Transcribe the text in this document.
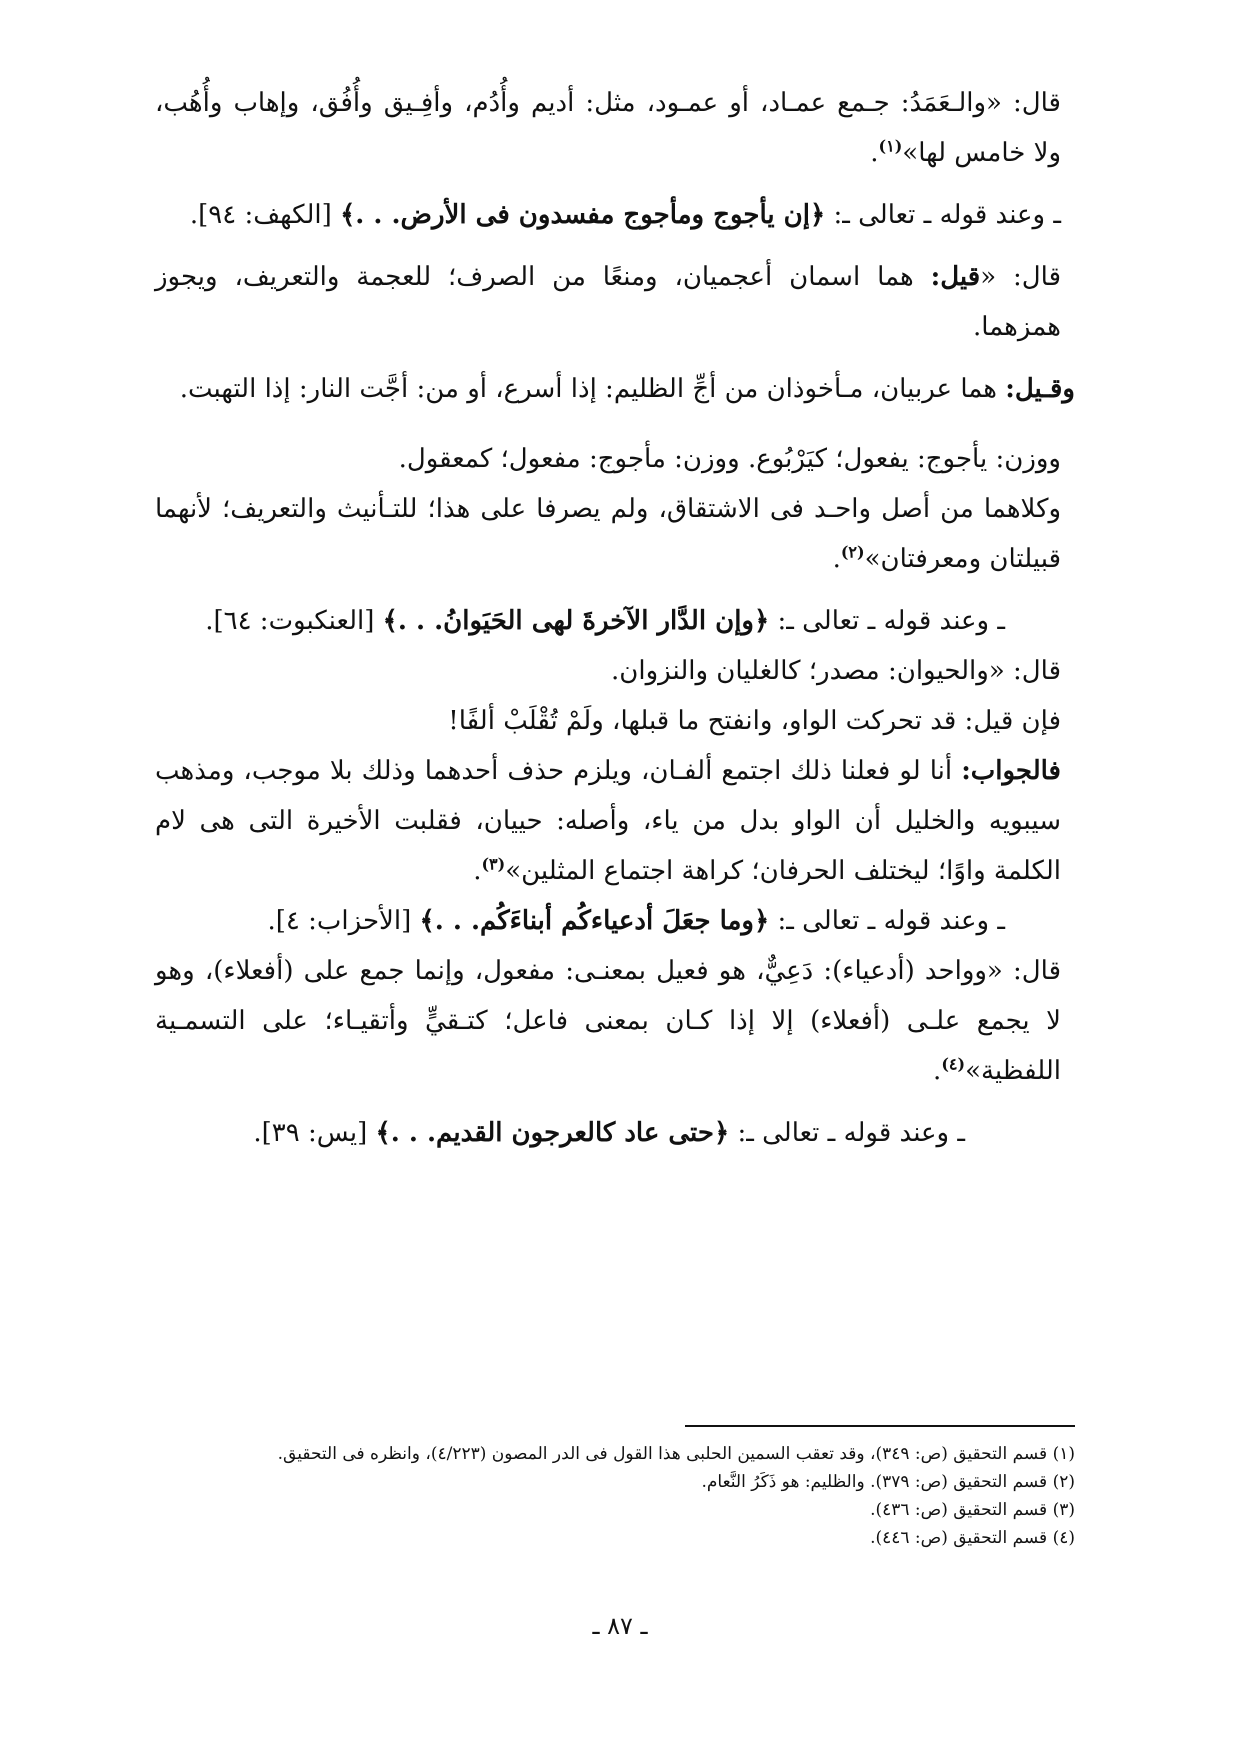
قال: «والـعَمَدُ: جـمع عمـاد، أو عمـود، مثل: أديم وأُدُم، وأفِـيق وأُفُق، وإهاب وأُهُب، ولا خامس لها»$^{(١)}$.

ـ وعند قوله ـ تعالى ـ: ﴿إن يأجوج ومأجوج مفسدون فى الأرض. . .﴾ [الكهف: ٩٤].

قال: «قيل: هما اسمان أعجميان، ومنعًا من الصرف؛ للعجمة والتعريف، ويجوز همزهما.

وقـيل: هما عربيان، مـأخوذان من أجِّ الظليم: إذا أسرع، أو من: أجَّت النار: إذا التهبت.

ووزن: يأجوج: يفعول؛ كيَرْبُوع. ووزن: مأجوج: مفعول؛ كمعقول.

وكلاهما من أصل واحـد فى الاشتقاق، ولم يصرفا على هذا؛ للتـأنيث والتعريف؛ لأنهما قبيلتان ومعرفتان»$^{(٢)}$.

ـ وعند قوله ـ تعالى ـ: ﴿وإن الدَّار الآخرةَ لهى الحَيَوانُ. . .﴾ [العنكبوت: ٦٤].

قال: «والحيوان: مصدر؛ كالغليان والنزوان.

فإن قيل: قد تحركت الواو، وانفتح ما قبلها، ولَمْ تُقْلَبْ ألفًا!

فالجواب: أنا لو فعلنا ذلك اجتمع ألفـان، ويلزم حذف أحدهما وذلك بلا موجب، ومذهب سيبويه والخليل أن الواو بدل من ياء، وأصله: حييان، فقلبت الأخيرة التى هى لام الكلمة واوًا؛ ليختلف الحرفان؛ كراهة اجتماع المثلين»$^{(٣)}$.

ـ وعند قوله ـ تعالى ـ: ﴿وما جعَلَ أدعياءكُم أبناءَكُم. . .﴾ [الأحزاب: ٤].

قال: «وواحد (أدعياء): دَعِيٌّ، هو فعيل بمعنـى: مفعول، وإنما جمع على (أفعلاء)، وهو لا يجمع علـى (أفعلاء) إلا إذا كـان بمعنى فاعل؛ كتـقيٍّ وأتقيـاء؛ على التسمـية اللفظية»$^{(٤)}$.

ـ وعند قوله ـ تعالى ـ: ﴿حتى عاد كالعرجون القديم. . .﴾ [يس: ٣٩].

(١) قسم التحقيق (ص: ٣٤٩)، وقد تعقب السمين الحلبى هذا القول فى الدر المصون (٤/٢٢٣)، وانظره فى التحقيق.

(٢) قسم التحقيق (ص: ٣٧٩). والظليم: هو ذَكَرُ النَّعام.

(٣) قسم التحقيق (ص: ٤٣٦).

(٤) قسم التحقيق (ص: ٤٤٦).

ـ ٨٧ ـ
